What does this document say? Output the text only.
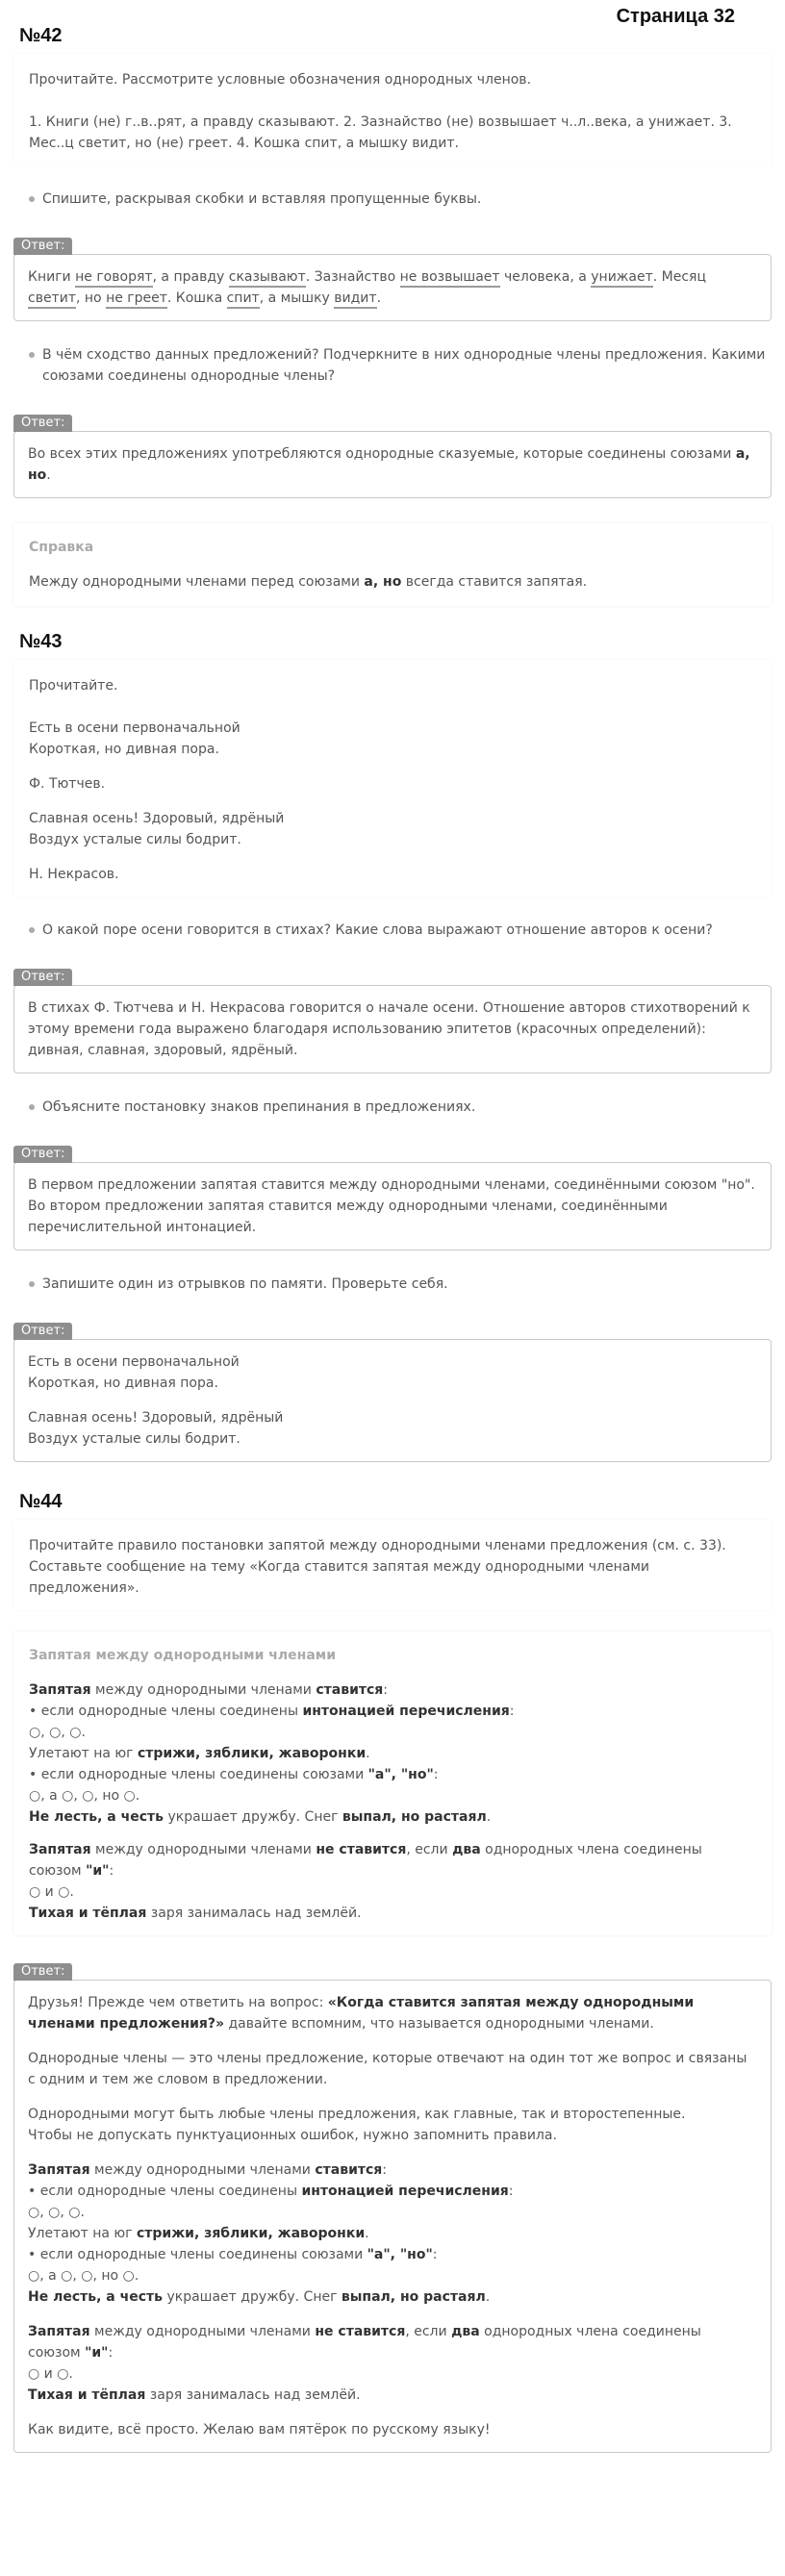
Страница 32
№42

Прочитайте. Рассмотрите условные обозначения однородных членов.

1. Книги (не) г..в..рят, а правду сказывают. 2. Зазнайство (не) возвышает ч..л..века, а унижает. 3. Мес..ц светит, но (не) греет. 4. Кошка спит, а мышку видит.

Спишите, раскрывая скобки и вставляя пропущенные буквы.
Ответ:

Книги не говорят, а правду сказывают. Зазнайство не возвышает человека, а унижает. Месяц светит, но не греет. Кошка спит, а мышку видит.

В чём сходство данных предложений? Подчеркните в них однородные члены предложения. Какими союзами соединены однородные члены?
Ответ:

Во всех этих предложениях употребляются однородные сказуемые, которые соединены союзами а, но.

Справка

Между однородными членами перед союзами а, но всегда ставится запятая.

№43

Прочитайте.

Есть в осени первоначальной
Короткая, но дивная пора.

Ф. Тютчев.

Славная осень! Здоровый, ядрёный
Воздух усталые силы бодрит.

Н. Некрасов.

О какой поре осени говорится в стихах? Какие слова выражают отношение авторов к осени?
Ответ:

В стихах Ф. Тютчева и Н. Некрасова говорится о начале осени. Отношение авторов стихотворений к этому времени года выражено благодаря использованию эпитетов (красочных определений): дивная, славная, здоровый, ядрёный.

Объясните постановку знаков препинания в предложениях.
Ответ:

В первом предложении запятая ставится между однородными членами, соединёнными союзом "но".
Во втором предложении запятая ставится между однородными членами, соединёнными перечислительной интонацией.

Запишите один из отрывков по памяти. Проверьте себя.
Ответ:

Есть в осени первоначальной
Короткая, но дивная пора.

Славная осень! Здоровый, ядрёный
Воздух усталые силы бодрит.

№44

Прочитайте правило постановки запятой между однородными членами предложения (см. с. 33). Составьте сообщение на тему «Когда ставится запятая между однородными членами предложения».

Запятая между однородными членами

Запятая между однородными членами ставится:
• если однородные члены соединены интонацией перечисления:
○, ○, ○.
Улетают на юг стрижи, зяблики, жаворонки.
• если однородные члены соединены союзами "а", "но":
○, а ○, ○, но ○.
Не лесть, а честь украшает дружбу. Снег выпал, но растаял.

Запятая между однородными членами не ставится, если два однородных члена соединены союзом "и":
○ и ○.
Тихая и тёплая заря занималась над землёй.

Ответ:

Друзья! Прежде чем ответить на вопрос: «Когда ставится запятая между однородными членами предложения?» давайте вспомним, что называется однородными членами.

Однородные члены — это члены предложение, которые отвечают на один тот же вопрос и связаны с одним и тем же словом в предложении.

Однородными могут быть любые члены предложения, как главные, так и второстепенные.
Чтобы не допускать пунктуационных ошибок, нужно запомнить правила.

Запятая между однородными членами ставится:
• если однородные члены соединены интонацией перечисления:
○, ○, ○.
Улетают на юг стрижи, зяблики, жаворонки.
• если однородные члены соединены союзами "а", "но":
○, а ○, ○, но ○.
Не лесть, а честь украшает дружбу. Снег выпал, но растаял.

Запятая между однородными членами не ставится, если два однородных члена соединены союзом "и":
○ и ○.
Тихая и тёплая заря занималась над землёй.

Как видите, всё просто. Желаю вам пятёрок по русскому языку!
